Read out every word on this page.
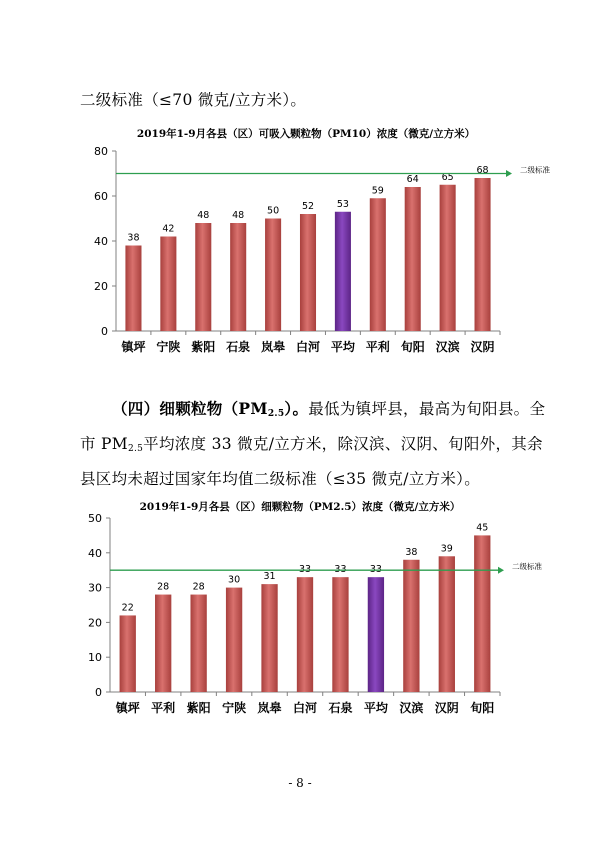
二级标准（≤70 微克/立方米）。

2019年1-9月各县（区）可吸入颗粒物（PM10）浓度（微克/立方米）
0
20
40
60
80
38
镇坪
42
宁陕
48
紫阳
48
石泉
50
岚皋
52
白河
53
平均
59
平利
64
旬阳
65
汉滨
68
汉阴
二级标准

（四）细颗粒物$(PM_{2.5})$。最低为镇坪县，最高为旬阳县。全
市 $PM_{2.5}$平均浓度 33 微克/立方米，除汉滨、汉阴、旬阳外，其余
县区均未超过国家年均值二级标准（≤35 微克/立方米）。

2019年1-9月各县（区）细颗粒物（PM2.5）浓度（微克/立方米）
0
10
20
30
40
50
22
镇坪
28
平利
28
紫阳
30
宁陕
31
岚皋
33
白河
33
石泉
33
平均
38
汉滨
39
汉阴
45
旬阳
二级标准
- 8 -
